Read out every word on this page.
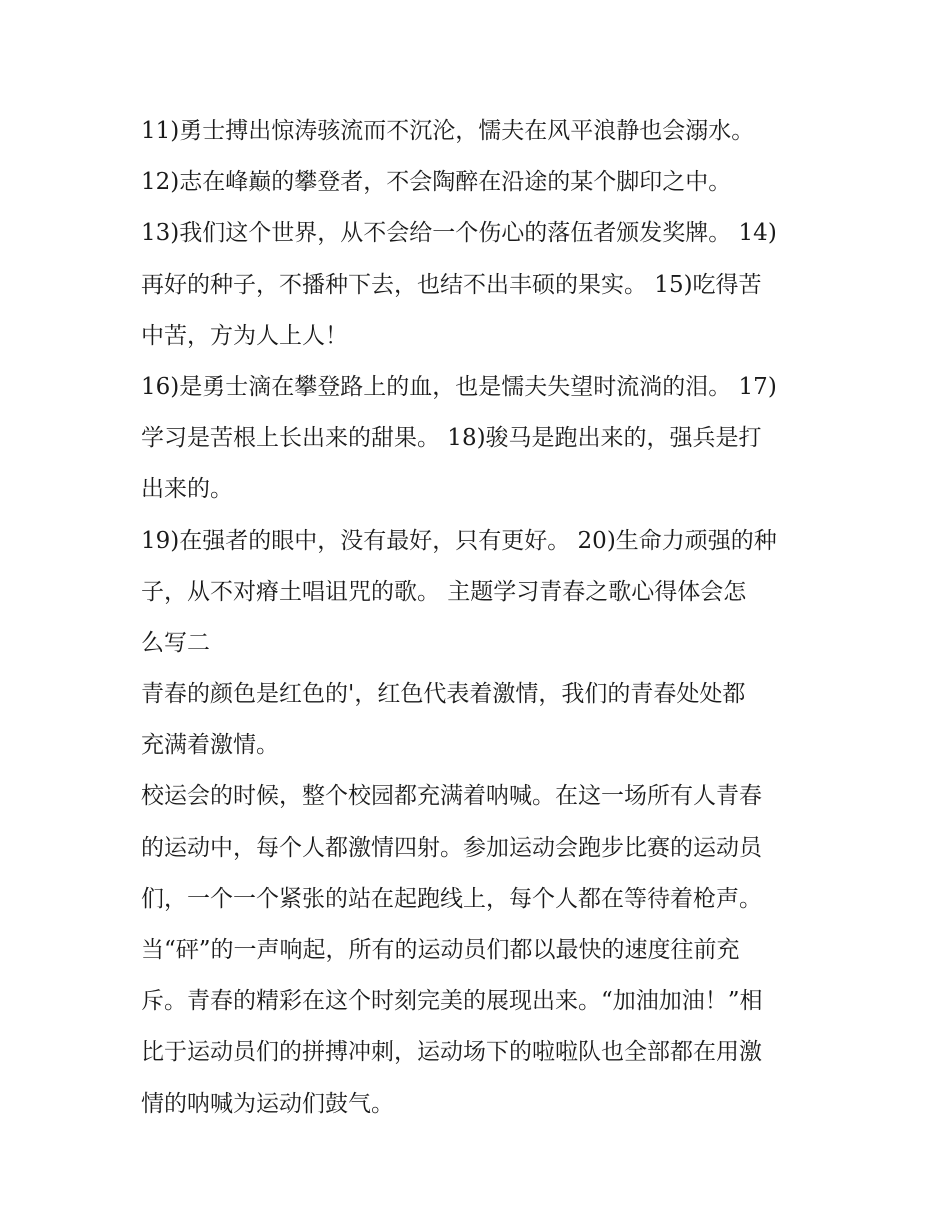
11)勇士搏出惊涛骇流而不沉沦，懦夫在风平浪静也会溺水。
12)志在峰巅的攀登者，不会陶醉在沿途的某个脚印之中。
13)我们这个世界，从不会给一个伤心的落伍者颁发奖牌。 14)
再好的种子，不播种下去，也结不出丰硕的果实。 15)吃得苦
中苦，方为人上人！
16)是勇士滴在攀登路上的血，也是懦夫失望时流淌的泪。 17)
学习是苦根上长出来的甜果。 18)骏马是跑出来的，强兵是打
出来的。
19)在强者的眼中，没有最好，只有更好。 20)生命力顽强的种
子，从不对瘠土唱诅咒的歌。 主题学习青春之歌心得体会怎
么写二
青春的颜色是红色的'，红色代表着激情，我们的青春处处都
充满着激情。
校运会的时候，整个校园都充满着呐喊。在这一场所有人青春
的运动中，每个人都激情四射。参加运动会跑步比赛的运动员
们，一个一个紧张的站在起跑线上，每个人都在等待着枪声。
当“砰”的一声响起，所有的运动员们都以最快的速度往前充
斥。青春的精彩在这个时刻完美的展现出来。“加油加油！”相
比于运动员们的拼搏冲刺，运动场下的啦啦队也全部都在用激
情的呐喊为运动们鼓气。
